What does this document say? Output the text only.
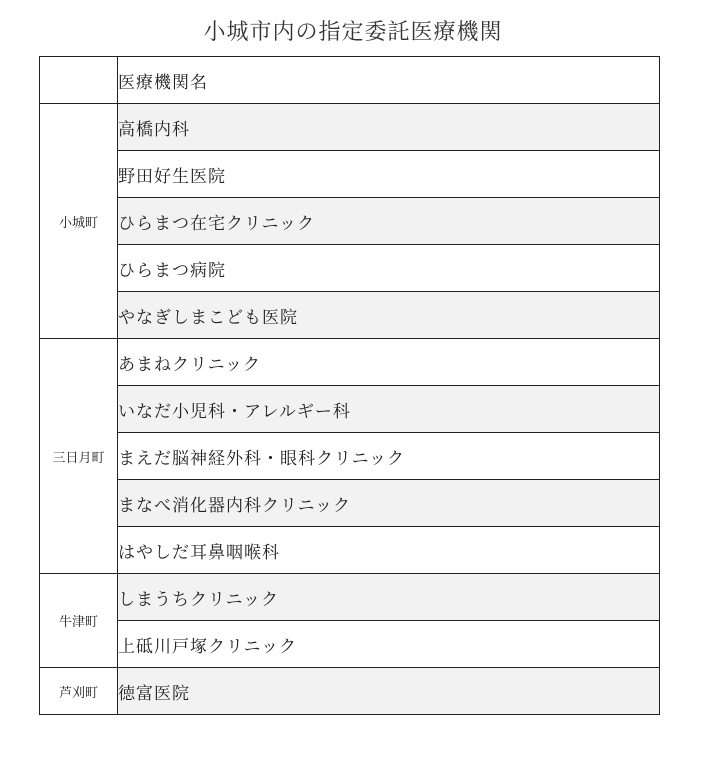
小城市内の指定委託医療機関
	医療機関名
小城町	高橋内科
	野田好生医院
	ひらまつ在宅クリニック
	ひらまつ病院
	やなぎしまこども医院
三日月町	あまねクリニック
	いなだ小児科・アレルギー科
	まえだ脳神経外科・眼科クリニック
	まなべ消化器内科クリニック
	はやしだ耳鼻咽喉科
牛津町	しまうちクリニック
	上砥川戸塚クリニック
芦刈町	徳富医院
